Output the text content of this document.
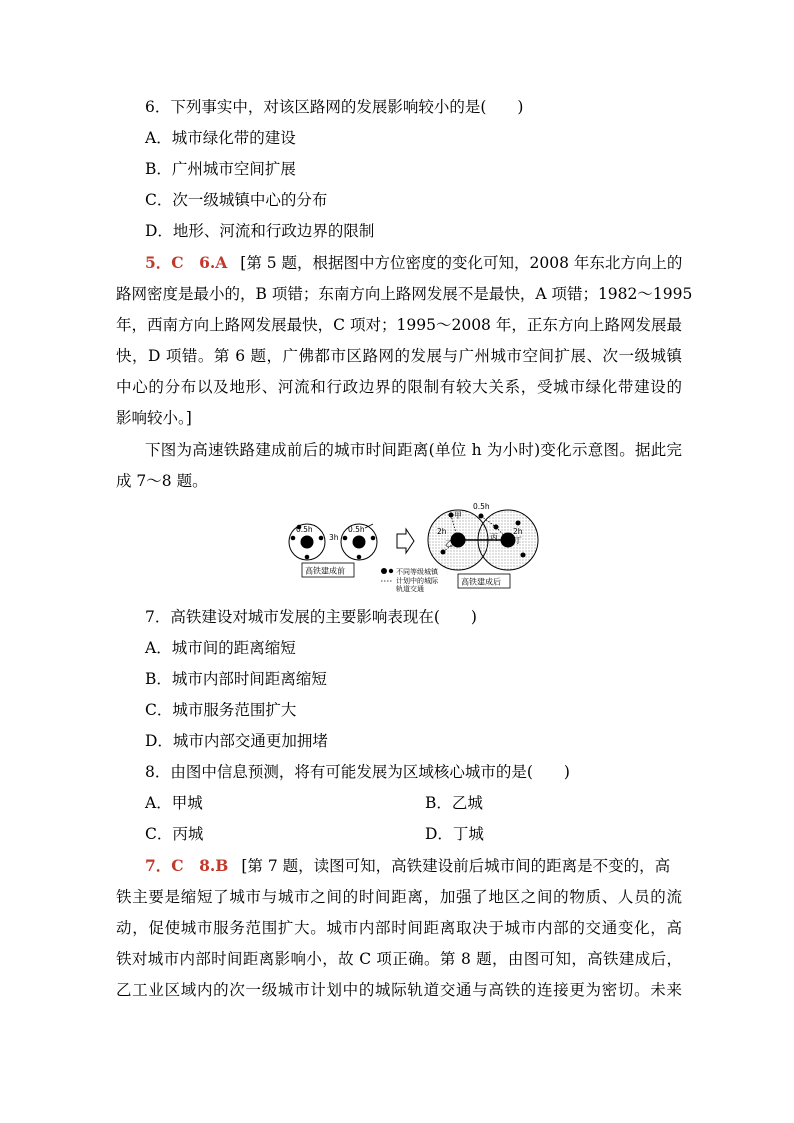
6．下列事实中，对该区路网的发展影响较小的是(　　)
A．城市绿化带的建设
B．广州城市空间扩展
C．次一级城镇中心的分布
D．地形、河流和行政边界的限制
5．C　6.A [第 5 题，根据图中方位密度的变化可知，2008 年东北方向上的
路网密度是最小的，B 项错；东南方向上路网发展不是最快，A 项错；1982～1995
年，西南方向上路网发展最快，C 项对；1995～2008 年，正东方向上路网发展最
快，D 项错。第 6 题，广佛都市区路网的发展与广州城市空间扩展、次一级城镇
中心的分布以及地形、河流和行政边界的限制有较大关系，受城市绿化带建设的
影响较小。]
下图为高速铁路建成前后的城市时间距离(单位 h 为小时)变化示意图。据此完
成 7～8 题。
0.5h
3h
0.5h
高铁建成前
0.5h
2h	2h
甲
乙
丙 丁
不同等级城镇
计划中的城际
轨道交通
高铁建成后
7．高铁建设对城市发展的主要影响表现在(　　)
A．城市间的距离缩短
B．城市内部时间距离缩短
C．城市服务范围扩大
D．城市内部交通更加拥堵
8．由图中信息预测，将有可能发展为区域核心城市的是(　　)
A．甲城	B．乙城
C．丙城	D．丁城
7．C　8.B [第 7 题，读图可知，高铁建设前后城市间的距离是不变的，高
铁主要是缩短了城市与城市之间的时间距离，加强了地区之间的物质、人员的流
动，促使城市服务范围扩大。城市内部时间距离取决于城市内部的交通变化，高
铁对城市内部时间距离影响小，故 C 项正确。第 8 题，由图可知，高铁建成后，
乙工业区域内的次一级城市计划中的城际轨道交通与高铁的连接更为密切。未来
